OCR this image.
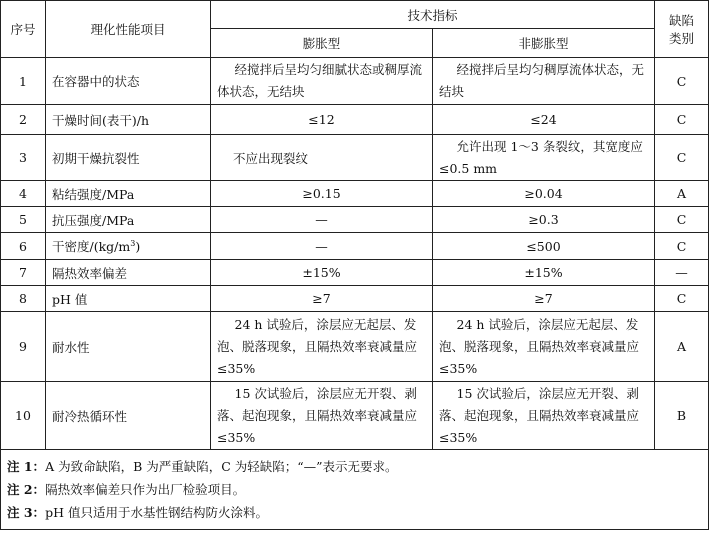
序号	理化性能项目	技术指标		缺陷
类别
		膨胀型	非膨胀型	
1	在容器中的状态	经搅拌后呈均匀细腻状态或稠厚流体状态，无结块	经搅拌后呈均匀稠厚流体状态，无结块	C
2	干燥时间(表干)/h	≤12	≤24	C
3	初期干燥抗裂性	不应出现裂纹	允许出现 1～3 条裂纹，其宽度应≤0.5 mm	C
4	粘结强度/MPa	≥0.15	≥0.04	A
5	抗压强度/MPa	—	≥0.3	C
6	干密度$/(kg/m^3)$	—	≤500	C
7	隔热效率偏差	±15%	±15%	—
8	pH 值	≥7	≥7	C
9	耐水性	24 h 试验后，涂层应无起层、发泡、脱落现象，且隔热效率衰减量应≤35%	24 h 试验后，涂层应无起层、发泡、脱落现象，且隔热效率衰减量应≤35%	A
10	耐冷热循环性	15 次试验后，涂层应无开裂、剥落、起泡现象，且隔热效率衰减量应≤35%	15 次试验后，涂层应无开裂、剥落、起泡现象，且隔热效率衰减量应≤35%	B

注 1：A 为致命缺陷，B 为严重缺陷，C 为轻缺陷；“—”表示无要求。
注 2：隔热效率偏差只作为出厂检验项目。
注 3：pH 值只适用于水基性钢结构防火涂料。				
